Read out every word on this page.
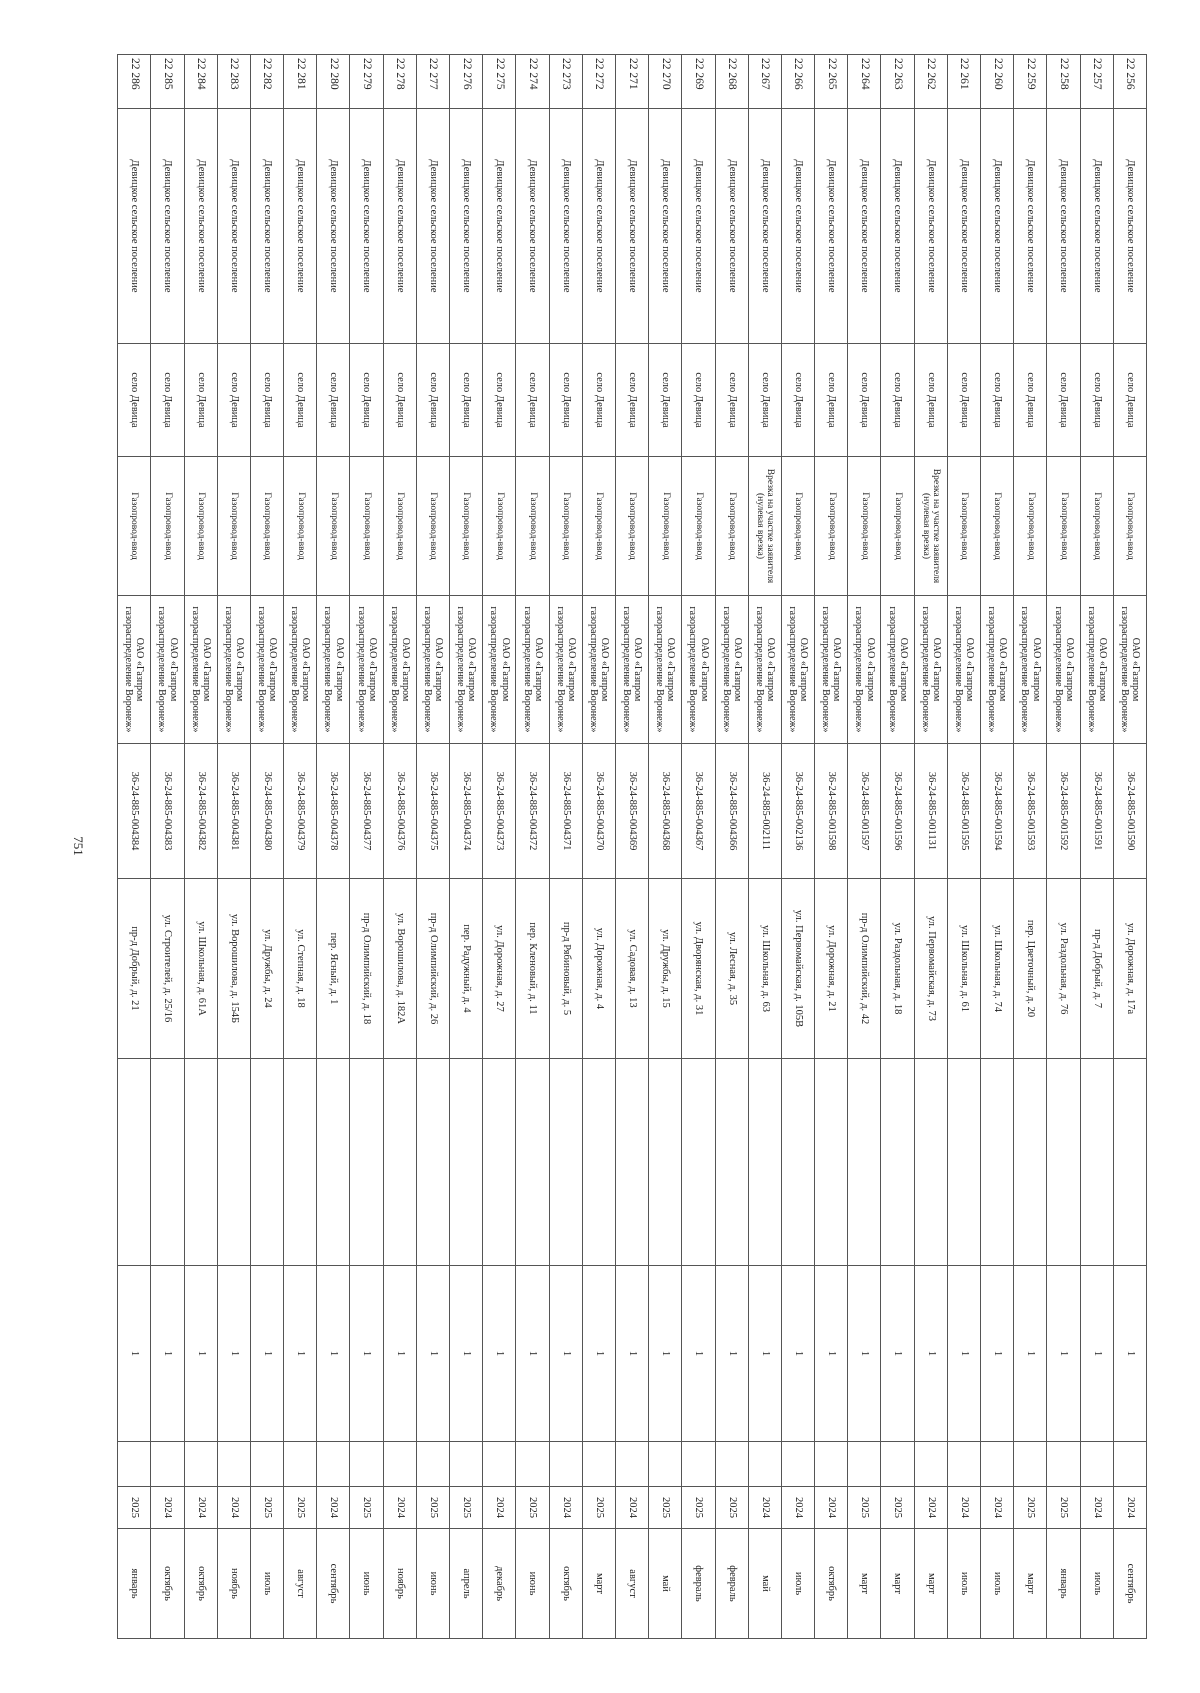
751
22 256	Девицкое сельское поселение	село Девица	Газопровод-ввод	ОАО «Газпром газораспределение Воронеж»	36-24-885-001590	ул. Дорожная, д. 17а		1		2024	сентябрь
22 257	Девицкое сельское поселение	село Девица	Газопровод-ввод	ОАО «Газпром газораспределение Воронеж»	36-24-885-001591	пр-д Добрый, д. 7		1		2024	июль
22 258	Девицкое сельское поселение	село Девица	Газопровод-ввод	ОАО «Газпром газораспределение Воронеж»	36-24-885-001592	ул. Раздольная, д. 76		1		2025	январь
22 259	Девицкое сельское поселение	село Девица	Газопровод-ввод	ОАО «Газпром газораспределение Воронеж»	36-24-885-001593	пер. Цветочный, д. 20		1		2025	март
22 260	Девицкое сельское поселение	село Девица	Газопровод-ввод	ОАО «Газпром газораспределение Воронеж»	36-24-885-001594	ул. Школьная, д. 74		1		2024	июль
22 261	Девицкое сельское поселение	село Девица	Газопровод-ввод	ОАО «Газпром газораспределение Воронеж»	36-24-885-001595	ул. Школьная, д. 61		1		2024	июль
22 262	Девицкое сельское поселение	село Девица	Врезка на участке заявителя (нулевая врезка)	ОАО «Газпром газораспределение Воронеж»	36-24-885-001131	ул. Первомайская, д. 73		1		2024	март
22 263	Девицкое сельское поселение	село Девица	Газопровод-ввод	ОАО «Газпром газораспределение Воронеж»	36-24-885-001596	ул. Раздольная, д. 18		1		2025	март
22 264	Девицкое сельское поселение	село Девица	Газопровод-ввод	ОАО «Газпром газораспределение Воронеж»	36-24-885-001597	пр-д Олимпийский, д. 42		1		2025	март
22 265	Девицкое сельское поселение	село Девица	Газопровод-ввод	ОАО «Газпром газораспределение Воронеж»	36-24-885-001598	ул. Дорожная, д. 21		1		2024	октябрь
22 266	Девицкое сельское поселение	село Девица	Газопровод-ввод	ОАО «Газпром газораспределение Воронеж»	36-24-885-002136	ул. Первомайская, д. 105В		1		2024	июль
22 267	Девицкое сельское поселение	село Девица	Врезка на участке заявителя (нулевая врезка)	ОАО «Газпром газораспределение Воронеж»	36-24-885-002111	ул. Школьная, д. 63		1		2024	май
22 268	Девицкое сельское поселение	село Девица	Газопровод-ввод	ОАО «Газпром газораспределение Воронеж»	36-24-885-004366	ул. Лесная, д. 35		1		2025	февраль
22 269	Девицкое сельское поселение	село Девица	Газопровод-ввод	ОАО «Газпром газораспределение Воронеж»	36-24-885-004367	ул. Дворянская, д. 31		1		2025	февраль
22 270	Девицкое сельское поселение	село Девица	Газопровод-ввод	ОАО «Газпром газораспределение Воронеж»	36-24-885-004368	ул. Дружбы, д. 15		1		2025	май
22 271	Девицкое сельское поселение	село Девица	Газопровод-ввод	ОАО «Газпром газораспределение Воронеж»	36-24-885-004369	ул. Садовая, д. 13		1		2024	август
22 272	Девицкое сельское поселение	село Девица	Газопровод-ввод	ОАО «Газпром газораспределение Воронеж»	36-24-885-004370	ул. Дорожная, д. 4		1		2025	март
22 273	Девицкое сельское поселение	село Девица	Газопровод-ввод	ОАО «Газпром газораспределение Воронеж»	36-24-885-004371	пр-д Рябиновый, д. 5		1		2024	октябрь
22 274	Девицкое сельское поселение	село Девица	Газопровод-ввод	ОАО «Газпром газораспределение Воронеж»	36-24-885-004372	пер. Кленовый, д. 11		1		2025	июнь
22 275	Девицкое сельское поселение	село Девица	Газопровод-ввод	ОАО «Газпром газораспределение Воронеж»	36-24-885-004373	ул. Дорожная, д. 27		1		2024	декабрь
22 276	Девицкое сельское поселение	село Девица	Газопровод-ввод	ОАО «Газпром газораспределение Воронеж»	36-24-885-004374	пер. Радужный, д. 4		1		2025	апрель
22 277	Девицкое сельское поселение	село Девица	Газопровод-ввод	ОАО «Газпром газораспределение Воронеж»	36-24-885-004375	пр-д Олимпийский, д. 26		1		2025	июнь
22 278	Девицкое сельское поселение	село Девица	Газопровод-ввод	ОАО «Газпром газораспределение Воронеж»	36-24-885-004376	ул. Ворошилова, д. 182А		1		2024	ноябрь
22 279	Девицкое сельское поселение	село Девица	Газопровод-ввод	ОАО «Газпром газораспределение Воронеж»	36-24-885-004377	пр-д Олимпийский, д. 18		1		2025	июнь
22 280	Девицкое сельское поселение	село Девица	Газопровод-ввод	ОАО «Газпром газораспределение Воронеж»	36-24-885-004378	пер. Ясный, д. 1		1		2024	сентябрь
22 281	Девицкое сельское поселение	село Девица	Газопровод-ввод	ОАО «Газпром газораспределение Воронеж»	36-24-885-004379	ул. Степная, д. 18		1		2025	август
22 282	Девицкое сельское поселение	село Девица	Газопровод-ввод	ОАО «Газпром газораспределение Воронеж»	36-24-885-004380	ул. Дружбы, д. 24		1		2025	июль
22 283	Девицкое сельское поселение	село Девица	Газопровод-ввод	ОАО «Газпром газораспределение Воронеж»	36-24-885-004381	ул. Ворошилова, д. 154Б		1		2024	ноябрь
22 284	Девицкое сельское поселение	село Девица	Газопровод-ввод	ОАО «Газпром газораспределение Воронеж»	36-24-885-004382	ул. Школьная, д. 61А		1		2024	октябрь
22 285	Девицкое сельское поселение	село Девица	Газопровод-ввод	ОАО «Газпром газораспределение Воронеж»	36-24-885-004383	ул. Строителей, д. 25/16		1		2024	октябрь
22 286	Девицкое сельское поселение	село Девица	Газопровод-ввод	ОАО «Газпром газораспределение Воронеж»	36-24-885-004384	пр-д Добрый, д. 21		1		2025	январь
